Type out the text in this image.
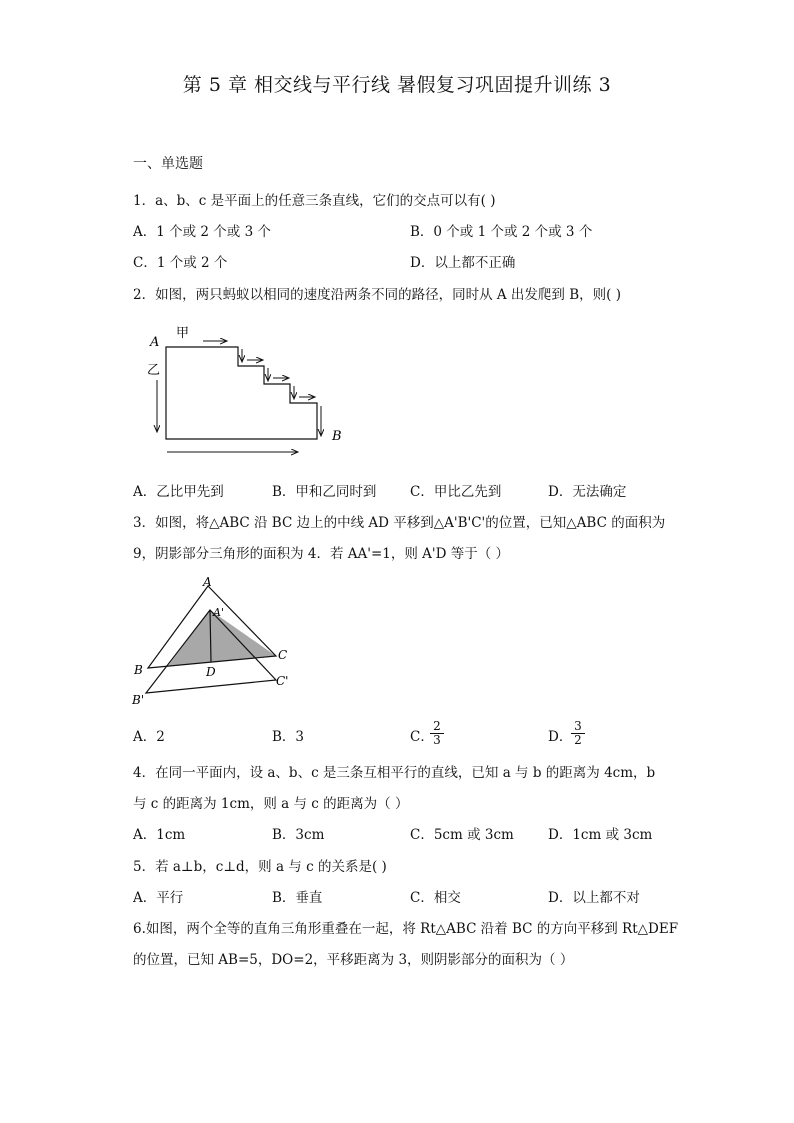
第 5 章 相交线与平行线 暑假复习巩固提升训练 3
一、单选题
1．a、b、c 是平面上的任意三条直线，它们的交点可以有( )
A．1 个或 2 个或 3 个	B．0 个或 1 个或 2 个或 3 个
C．1 个或 2 个	D．以上都不正确
2．如图，两只蚂蚁以相同的速度沿两条不同的路径，同时从 A 出发爬到 B，则( )
A
甲
乙
B
A．乙比甲先到	B．甲和乙同时到 C．甲比乙先到	D．无法确定
3．如图，将△ABC 沿 BC 边上的中线 AD 平移到△A'B'C'的位置，已知△ABC 的面积为
9，阴影部分三角形的面积为 4．若 AA'=1，则 A'D 等于（ ）
A
A'
B
C
D
B'
C'
A．2	B．3	C．
$\frac{2}{3}$	D．
$\frac{3}{2}$
4．在同一平面内，设 a、b、c 是三条互相平行的直线，已知 a 与 b 的距离为 4cm，b
与 c 的距离为 1cm，则 a 与 c 的距离为（ ）
A．1cm	B．3cm	C．5cm 或 3cm	D．1cm 或 3cm
5．若 a⊥b，c⊥d，则 a 与 c 的关系是( )
A．平行	B．垂直	C．相交	D．以上都不对
6.如图，两个全等的直角三角形重叠在一起，将 Rt△ABC 沿着 BC 的方向平移到 Rt△DEF
的位置，已知 AB=5，DO=2，平移距离为 3，则阴影部分的面积为（ ）
